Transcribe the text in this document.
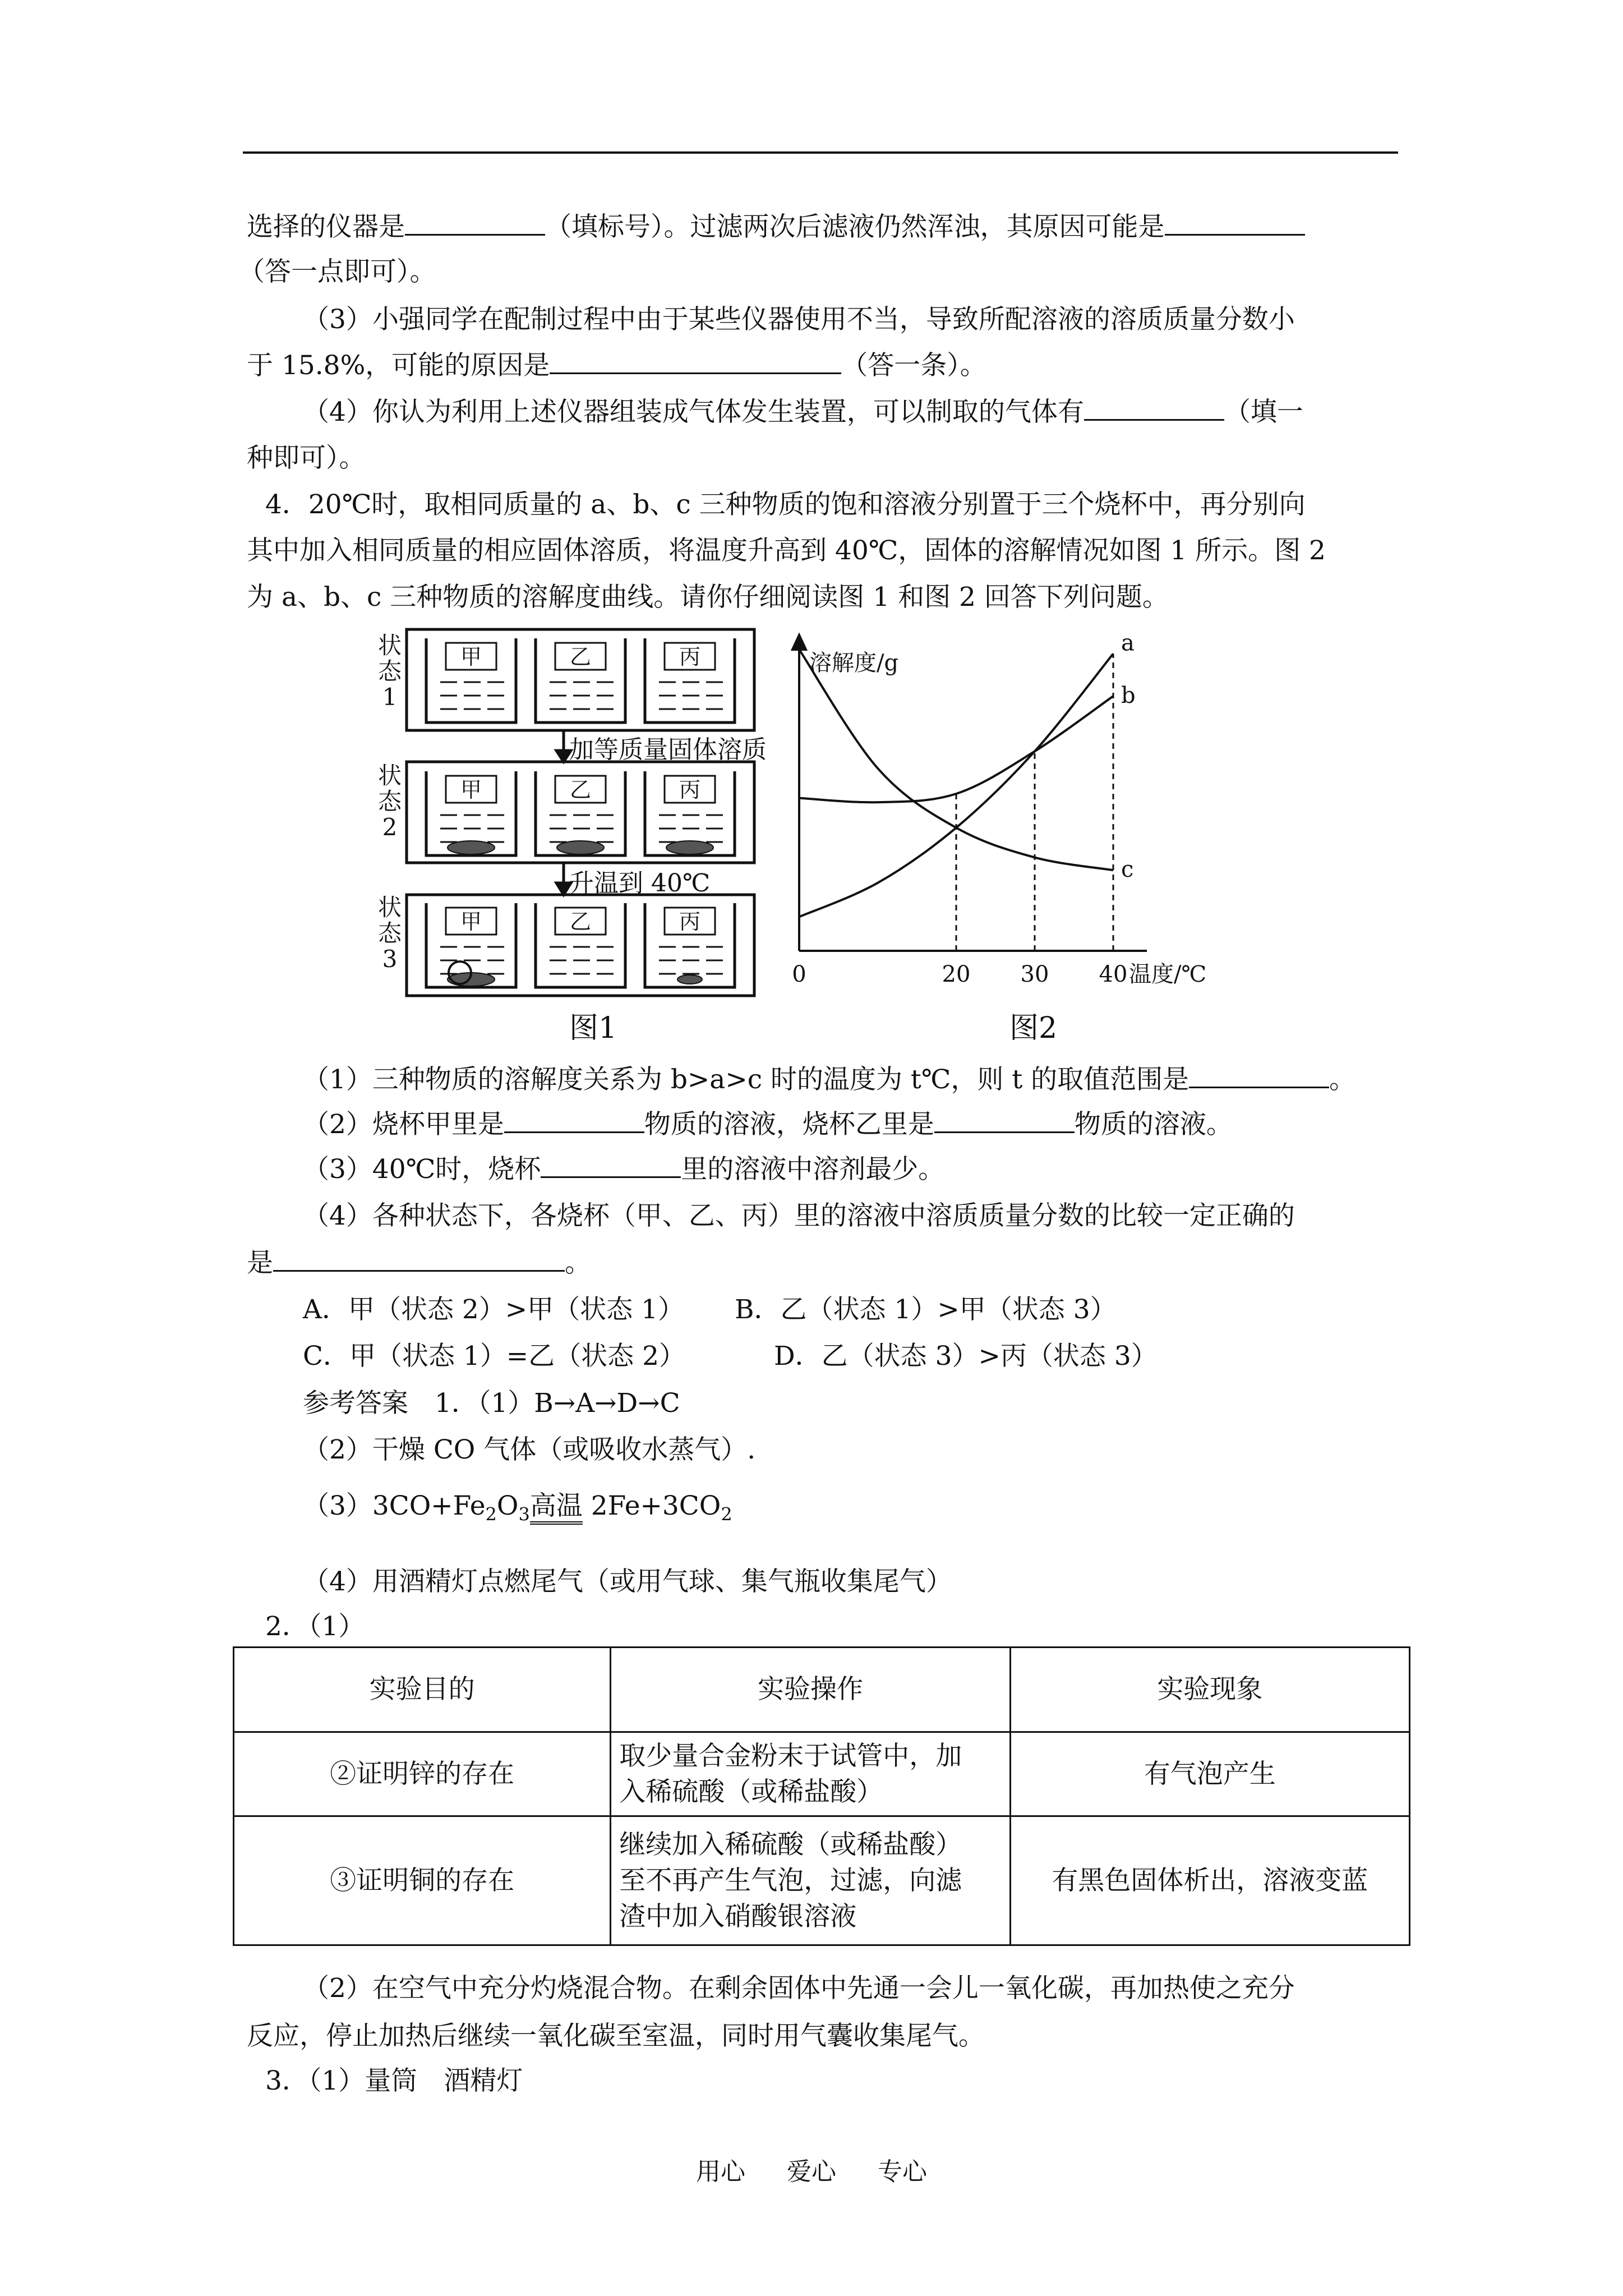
选择的仪器是	（填标号）。过滤两次后滤液仍然浑浊，其原因可能是
（答一点即可）。
（3）小强同学在配制过程中由于某些仪器使用不当，导致所配溶液的溶质质量分数小
于 15.8%，可能的原因是	（答一条）。
（4）你认为利用上述仪器组装成气体发生装置，可以制取的气体有	（填一
种即可）。
4．20℃时，取相同质量的 a、b、c 三种物质的饱和溶液分别置于三个烧杯中，再分别向
其中加入相同质量的相应固体溶质，将温度升高到 40℃，固体的溶解情况如图 1 所示。图 2
为 a、b、c 三种物质的溶解度曲线。请你仔细阅读图 1 和图 2 回答下列问题。
状
态
1
状
态
2
状
态
3
甲	乙	丙
甲	乙	丙
甲	乙	丙
加等质量固体溶质
升温到 40℃
图1
a
b
c
0	20 30 40 温度/℃
溶解度/g
图2
（1）三种物质的溶解度关系为 b>a>c 时的温度为 t℃，则 t 的取值范围是	。
（2）烧杯甲里是	物质的溶液，烧杯乙里是	物质的溶液。
（3）40℃时，烧杯	里的溶液中溶剂最少。
（4）各种状态下，各烧杯（甲、乙、丙）里的溶液中溶质质量分数的比较一定正确的
是	。
A．甲（状态 2）>甲（状态 1） B．乙（状态 1）>甲（状态 3）
C．甲（状态 1）=乙（状态 2）	D．乙（状态 3）>丙（状态 3）
参考答案　1．（1）B→A→D→C
（2）干燥 CO 气体（或吸收水蒸气）.
$(3)3CO+Fe_2O_3$高温 $2Fe+3CO_2$
（4）用酒精灯点燃尾气（或用气球、集气瓶收集尾气）
2．（1）
实验目的	实验操作	实验现象
②证明锌的存在	取少量合金粉末于试管中，加
入稀硫酸（或稀盐酸）	有气泡产生
③证明铜的存在	继续加入稀硫酸（或稀盐酸）
至不再产生气泡，过滤，向滤
渣中加入硝酸银溶液	有黑色固体析出，溶液变蓝
（2）在空气中充分灼烧混合物。在剩余固体中先通一会儿一氧化碳，再加热使之充分
反应，停止加热后继续一氧化碳至室温，同时用气囊收集尾气。
3．（1）量筒　酒精灯
用心 爱心 专心
